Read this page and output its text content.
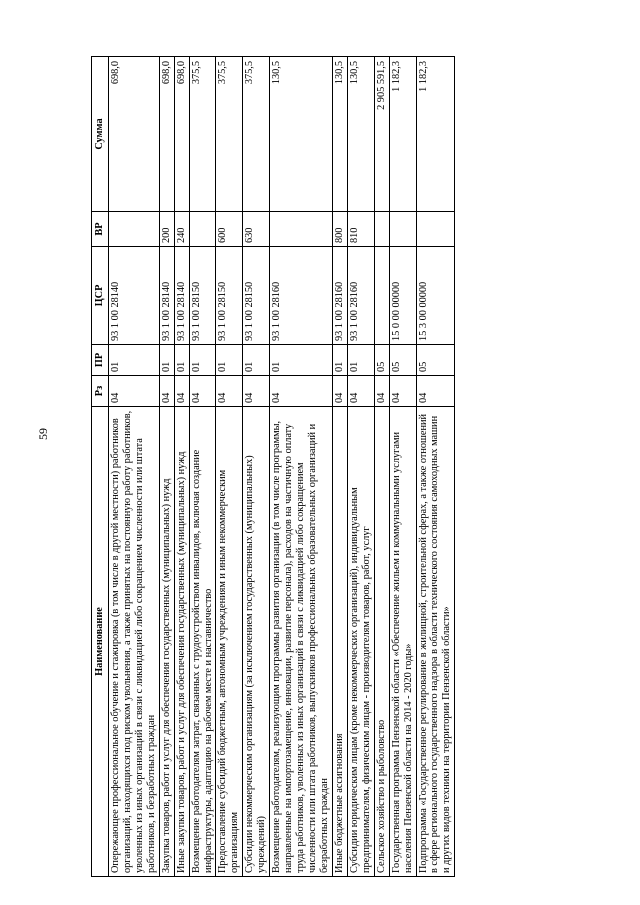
59
Наименование	Рз	ПР	ЦСР	ВР	Сумма
Опережающее профессиональное обучение и стажировка (в том числе в другой местности) работников организаций, находящихся под риском увольнения, а также принятых на постоянную работу работников, уволенных из иных организаций в связи с ликвидацией либо сокращением численности или штата работников, и безработных граждан	04	01	93 1 00 28140		698,0
Закупка товаров, работ и услуг для обеспечения государственных (муниципальных) нужд	04	01	93 1 00 28140	200	698,0
Иные закупки товаров, работ и услуг для обеспечения государственных (муниципальных) нужд	04	01	93 1 00 28140	240	698,0
Возмещение работодателям затрат, связанных с трудоустройством инвалидов, включая создание инфраструктуры, адаптацию на рабочем месте и наставничество	04	01	93 1 00 28150		375,5
Предоставление субсидий бюджетным, автономным учреждениям и иным некоммерческим организациям	04	01	93 1 00 28150	600	375,5
Субсидии некоммерческим организациям (за исключением государственных (муниципальных) учреждений)	04	01	93 1 00 28150	630	375,5
Возмещение работодателям, реализующим программы развития организации (в том числе программы, направленные на импортозамещение, инновации, развитие персонала), расходов на частичную оплату труда работников, уволенных из иных организаций в связи с ликвидацией либо сокращением численности или штата работников, выпускников профессиональных образовательных организаций и безработных граждан	04	01	93 1 00 28160		130,5
Иные бюджетные ассигнования	04	01	93 1 00 28160	800	130,5
Субсидии юридическим лицам (кроме некоммерческих организаций), индивидуальным предпринимателям, физическим лицам - производителям товаров, работ, услуг	04	01	93 1 00 28160	810	130,5
Сельское хозяйство и рыболовство	04	05			2 905 591,5
Государственная программа Пензенской области «Обеспечение жильем и коммунальными услугами населения Пензенской области на 2014 - 2020 годы»	04	05	15 0 00 00000		1 182,3
Подпрограмма «Государственное регулирование в жилищной, строительной сферах, а также отношений в сфере регионального государственного надзора в области технического состояния самоходных машин и других видов техники на территории Пензенской области»	04	05	15 3 00 00000		1 182,3
